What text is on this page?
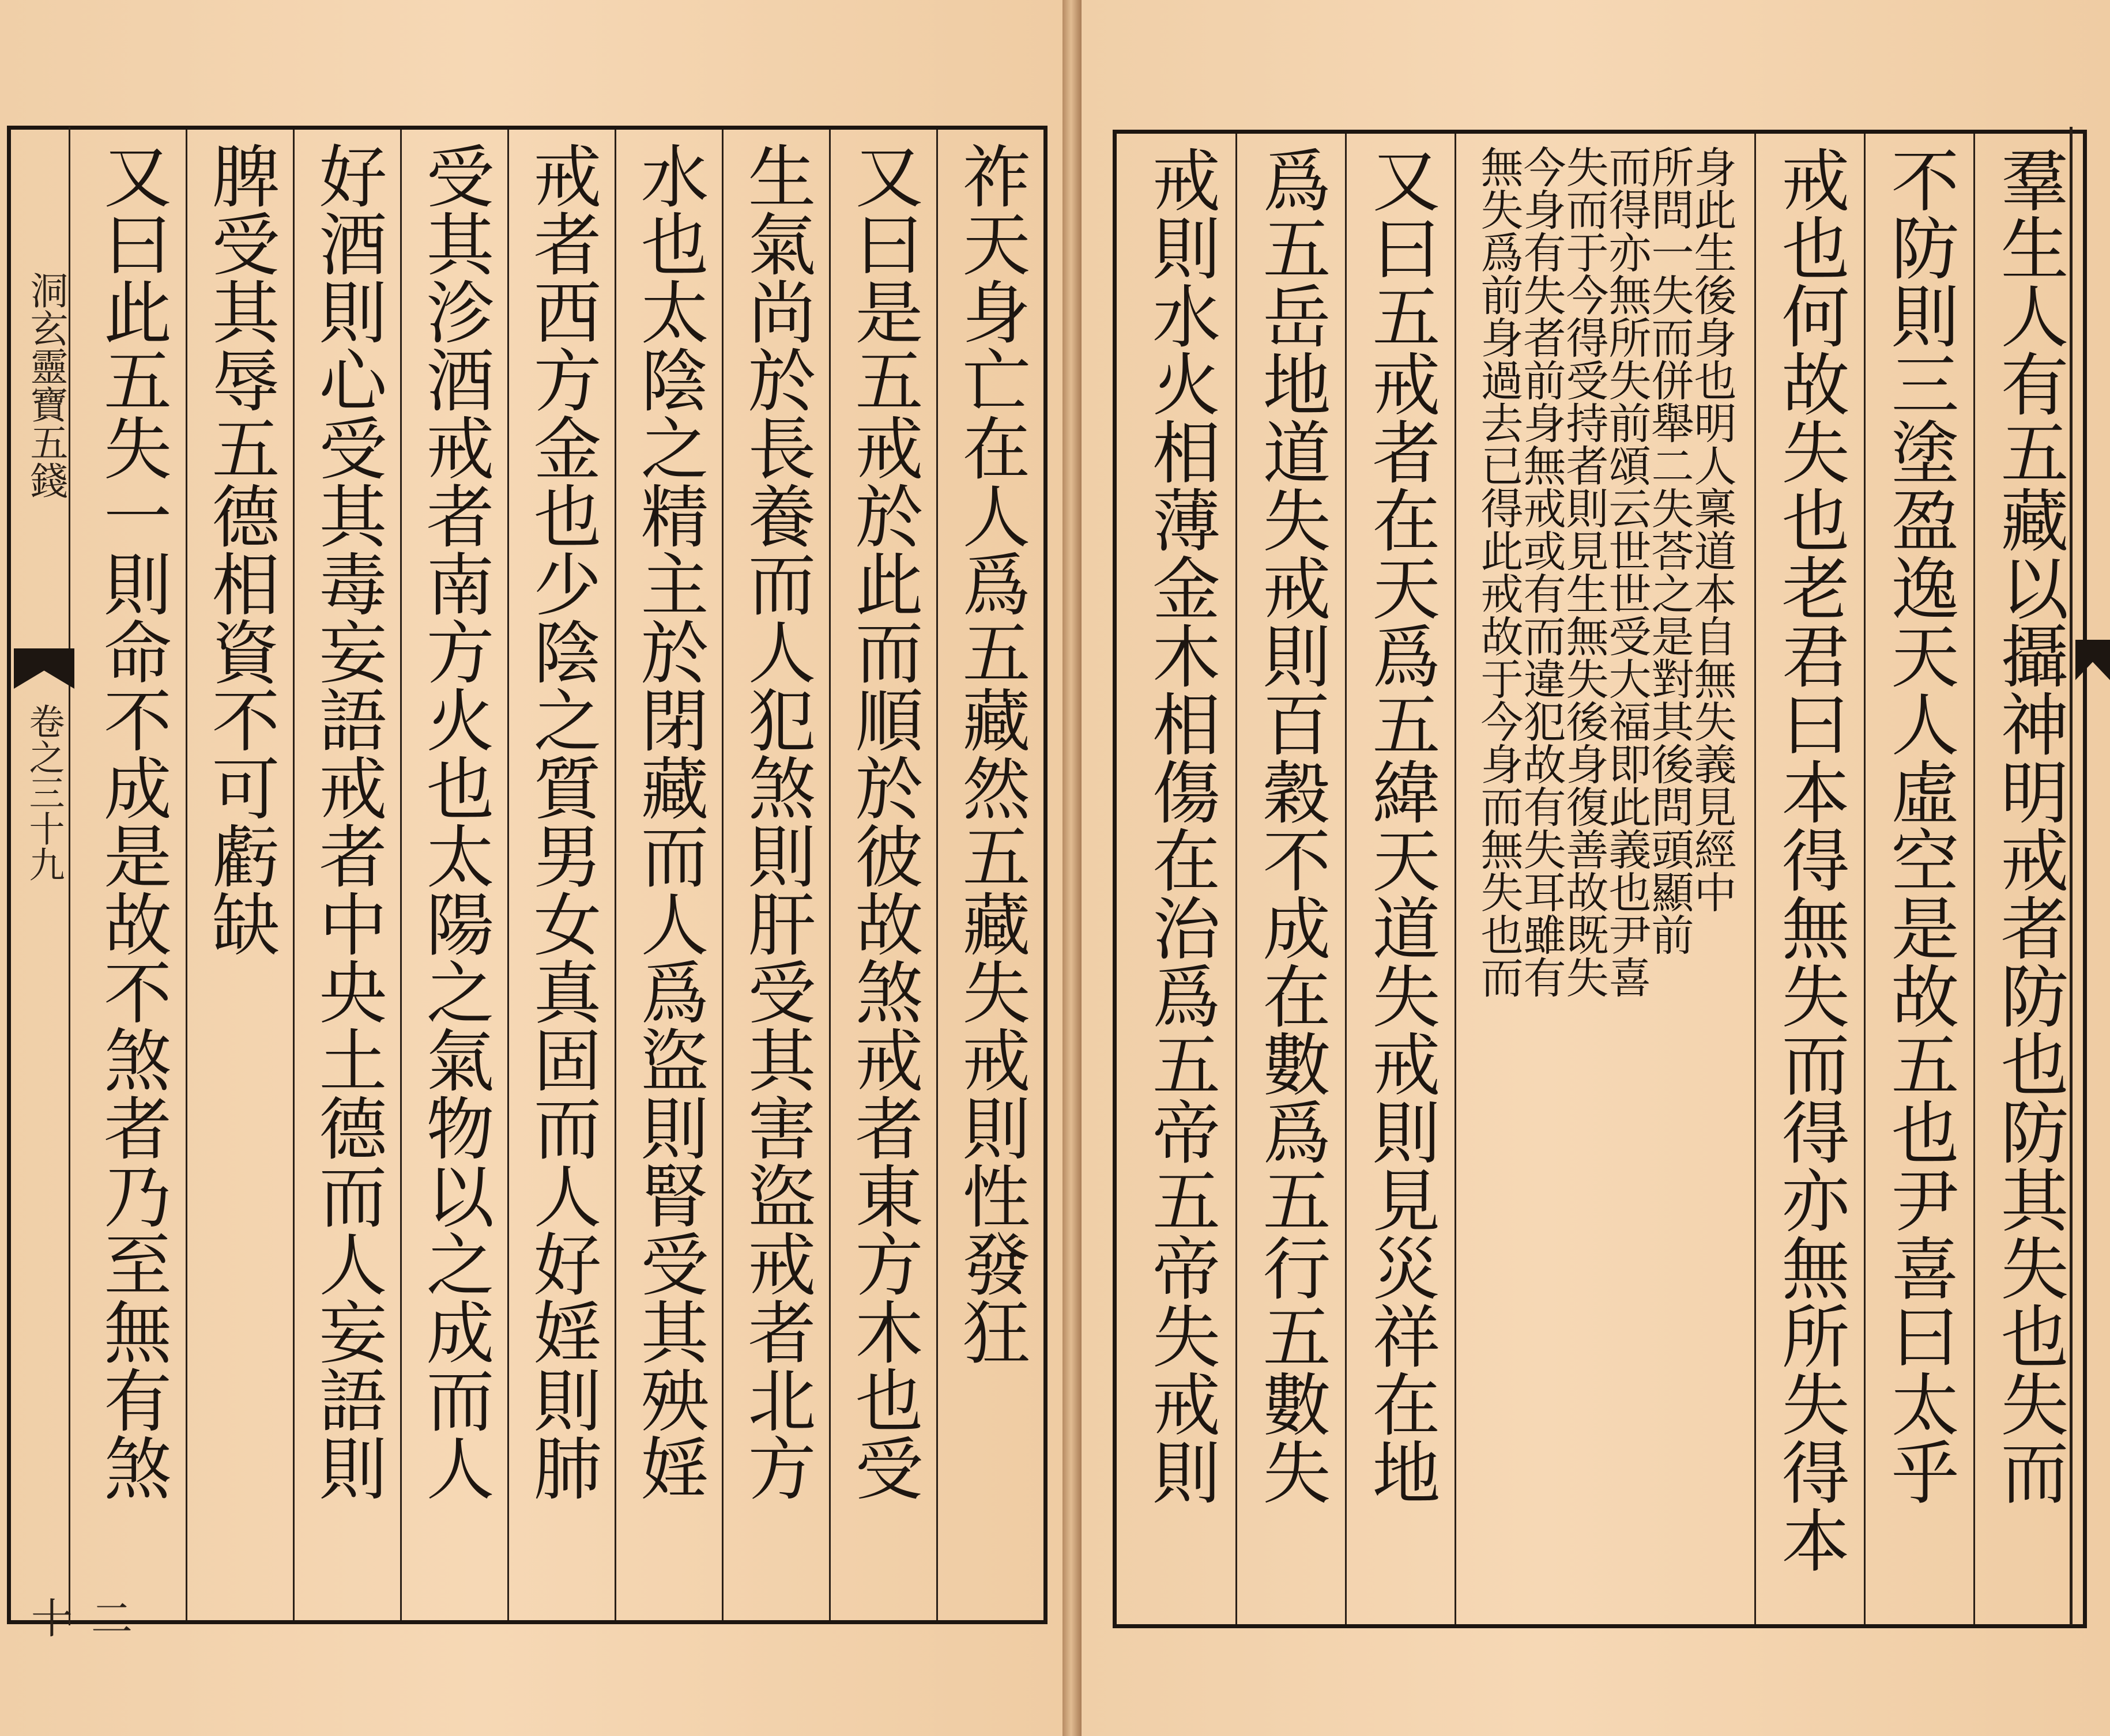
祚天身亡在人爲五藏然五藏失戒則性發狂
又曰是五戒於此而順於彼故煞戒者東方木也受
生氣尚於長養而人犯煞則肝受其害盜戒者北方
水也太陰之精主於閉藏而人爲盜則腎受其殃婬
戒者西方金也少陰之質男女真固而人好婬則肺
受其沴酒戒者南方火也太陽之氣物以之成而人
好酒則心受其毒妄語戒者中央土德而人妄語則
脾受其辱五德相資不可虧缺
又曰此五失一則命不成是故不煞者乃至無有煞
洞玄靈寶五錢
卷之三十九
二十
羣生人有五藏以攝神明戒者防也防其失也失而
不防則三塗盈逸天人虛空是故五也尹喜曰太乎
戒也何故失也老君曰本得無失而得亦無所失得本
無失爲前身過去已得此戒故于今身而無失也而
今身有失者前身無戒或有而違犯故有失耳雖有
失而于今得受持者則見生無失後身復善故既失
而得亦無所失前頌云世世受大福即此義也尹喜
所問一失而併舉二失荅之是對其後問頭顯前
身此生後身也明人稟道本自無失義見經中
又曰五戒者在天爲五緯天道失戒則見災祥在地
爲五岳地道失戒則百穀不成在數爲五行五數失
戒則水火相薄金木相傷在治爲五帝五帝失戒則
